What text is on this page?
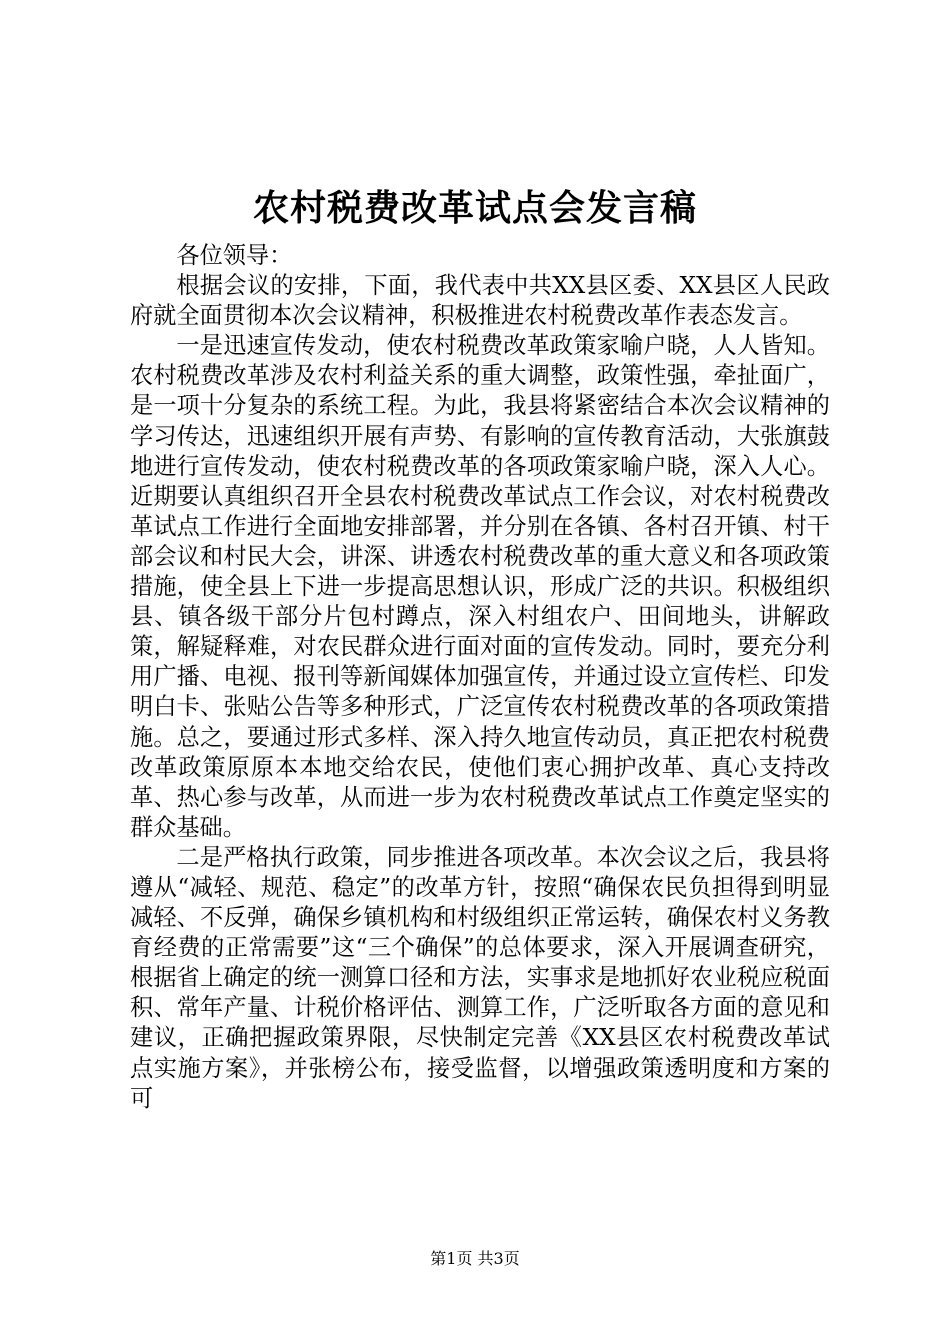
农村税费改革试点会发言稿

各位领导：

根据会议的安排，下面，我代表中共XX县区委、XX县区人民政府就全面贯彻本次会议精神，积极推进农村税费改革作表态发言。

一是迅速宣传发动，使农村税费改革政策家喻户晓，人人皆知。农村税费改革涉及农村利益关系的重大调整，政策性强，牵扯面广，是一项十分复杂的系统工程。为此，我县将紧密结合本次会议精神的学习传达，迅速组织开展有声势、有影响的宣传教育活动，大张旗鼓地进行宣传发动，使农村税费改革的各项政策家喻户晓，深入人心。近期要认真组织召开全县农村税费改革试点工作会议，对农村税费改革试点工作进行全面地安排部署，并分别在各镇、各村召开镇、村干部会议和村民大会，讲深、讲透农村税费改革的重大意义和各项政策措施，使全县上下进一步提高思想认识，形成广泛的共识。积极组织县、镇各级干部分片包村蹲点，深入村组农户、田间地头，讲解政策，解疑释难，对农民群众进行面对面的宣传发动。同时，要充分利用广播、电视、报刊等新闻媒体加强宣传，并通过设立宣传栏、印发明白卡、张贴公告等多种形式，广泛宣传农村税费改革的各项政策措施。总之，要通过形式多样、深入持久地宣传动员，真正把农村税费改革政策原原本本地交给农民，使他们衷心拥护改革、真心支持改革、热心参与改革，从而进一步为农村税费改革试点工作奠定坚实的群众基础。

二是严格执行政策，同步推进各项改革。本次会议之后，我县将遵从“减轻、规范、稳定”的改革方针，按照“确保农民负担得到明显减轻、不反弹，确保乡镇机构和村级组织正常运转，确保农村义务教育经费的正常需要”这“三个确保”的总体要求，深入开展调查研究，根据省上确定的统一测算口径和方法，实事求是地抓好农业税应税面积、常年产量、计税价格评估、测算工作，广泛听取各方面的意见和建议，正确把握政策界限，尽快制定完善《XX县区农村税费改革试点实施方案》，并张榜公布，接受监督，以增强政策透明度和方案的可

第1页 共3页
